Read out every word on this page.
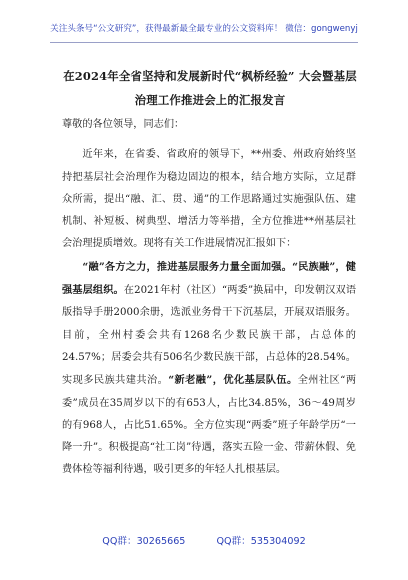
关注头条号“公文研究”，获得最新最全最专业的公文资料库！ 微信：gongwenyj
在2024年全省坚持和发展新时代“枫桥经验” 大会暨基层
治理工作推进会上的汇报发言

尊敬的各位领导，同志们：

近年来，在省委、省政府的领导下，**州委、州政府始终坚持把基层社会治理作为稳边固边的根本，结合地方实际，立足群众所需，提出“融、汇、贯、通”的工作思路通过实施强队伍、建机制、补短板、树典型、增活力等举措，全方位推进**州基层社会治理提质增效。现将有关工作进展情况汇报如下：

“融”各方之力，推进基层服务力量全面加强。“民族融”，健强基层组织。在2021年村（社区）“两委”换届中，印发朝汉双语版指导手册2000余册，选派业务骨干下沉基层，开展双语服务。目前，全州村委会共有1268名少数民族干部，占总体的24.57%；居委会共有506名少数民族干部，占总体的28.54%。实现多民族共建共治。“新老融”，优化基层队伍。全州社区“两委”成员在35周岁以下的有653人，占比34.85%，36～49周岁的有968人，占比51.65%。全方位实现“两委”班子年龄学历“一降一升”。积极提高“社工岗”待遇，落实五险一金、带薪休假、免费体检等福利待遇，吸引更多的年轻人扎根基层。

QQ群：30265665	QQ群：535304092
